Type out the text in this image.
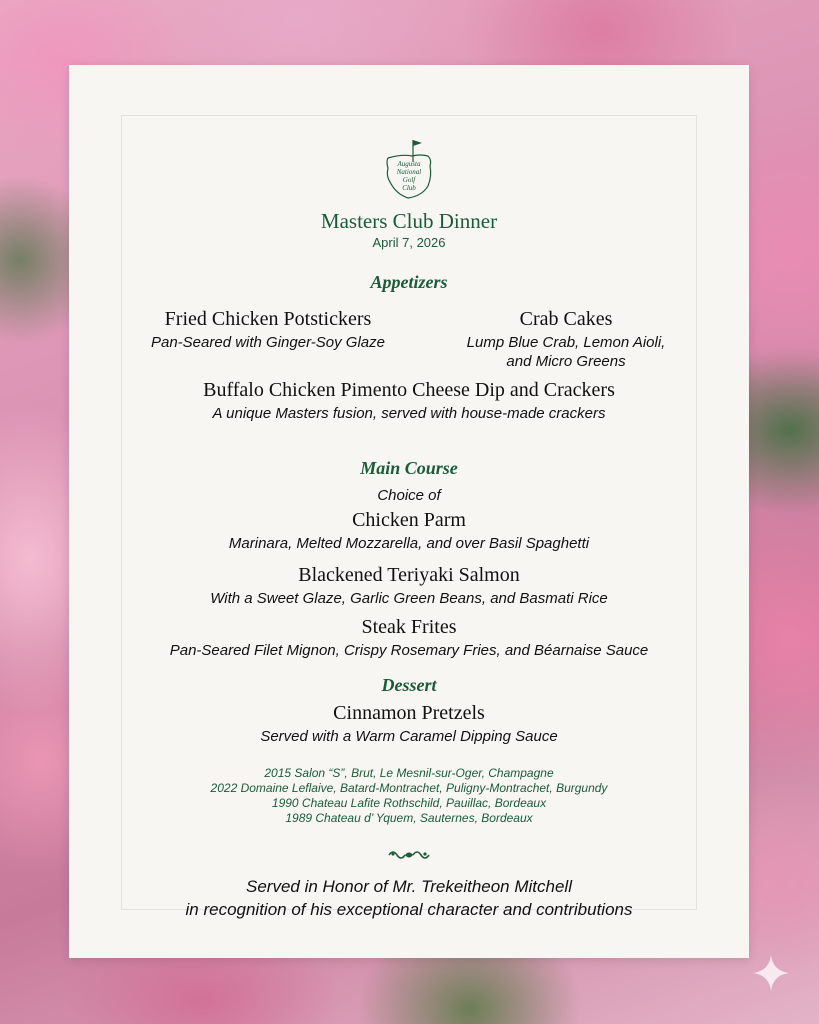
Augusta
National
Golf
Club
Masters Club Dinner
April 7, 2026
Appetizers
Fried Chicken Potstickers
Pan-Seared with Ginger-Soy Glaze
Crab Cakes
Lump Blue Crab, Lemon Aioli,
and Micro Greens
Buffalo Chicken Pimento Cheese Dip and Crackers
A unique Masters fusion, served with house-made crackers
Main Course
Choice of
Chicken Parm
Marinara, Melted Mozzarella, and over Basil Spaghetti
Blackened Teriyaki Salmon
With a Sweet Glaze, Garlic Green Beans, and Basmati Rice
Steak Frites
Pan-Seared Filet Mignon, Crispy Rosemary Fries, and Béarnaise Sauce
Dessert
Cinnamon Pretzels
Served with a Warm Caramel Dipping Sauce
2015 Salon “S”, Brut, Le Mesnil-sur-Oger, Champagne
2022 Domaine Leflaive, Batard-Montrachet, Puligny-Montrachet, Burgundy
1990 Chateau Lafite Rothschild, Pauillac, Bordeaux
1989 Chateau d’ Yquem, Sauternes, Bordeaux
Served in Honor of Mr. Trekeitheon Mitchell
in recognition of his exceptional character and contributions
